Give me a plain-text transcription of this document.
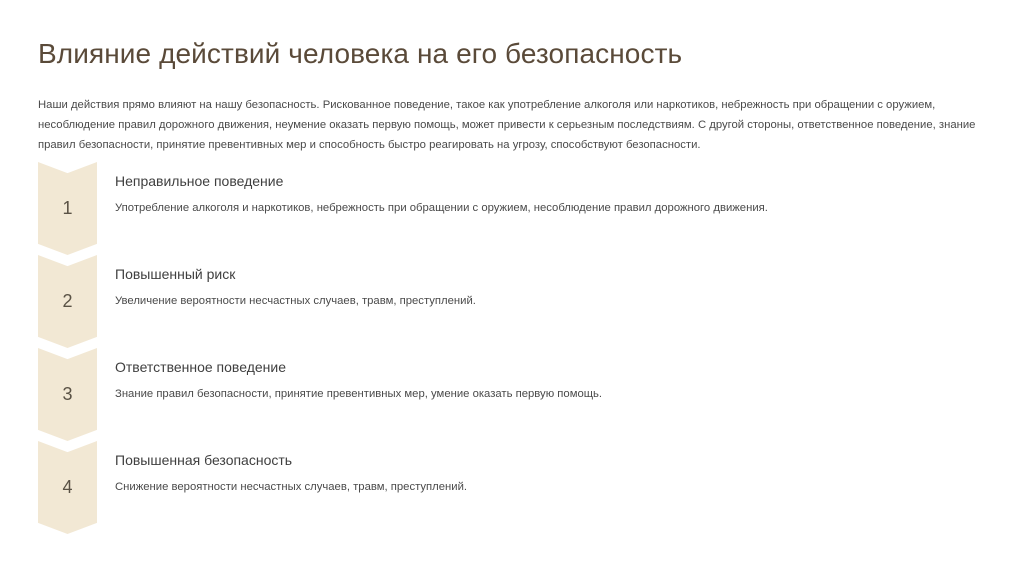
Влияние действий человека на его безопасность
Наши действия прямо влияют на нашу безопасность. Рискованное поведение, такое как употребление алкоголя или наркотиков, небрежность при обращении с оружием, несоблюдение правил дорожного движения, неумение оказать первую помощь, может привести к серьезным последствиям. С другой стороны, ответственное поведение, знание правил безопасности, принятие превентивных мер и способность быстро реагировать на угрозу, способствуют безопасности.
1
Неправильное поведение
Употребление алкоголя и наркотиков, небрежность при обращении с оружием, несоблюдение правил дорожного движения.
2
Повышенный риск
Увеличение вероятности несчастных случаев, травм, преступлений.
3
Ответственное поведение
Знание правил безопасности, принятие превентивных мер, умение оказать первую помощь.
4
Повышенная безопасность
Снижение вероятности несчастных случаев, травм, преступлений.
